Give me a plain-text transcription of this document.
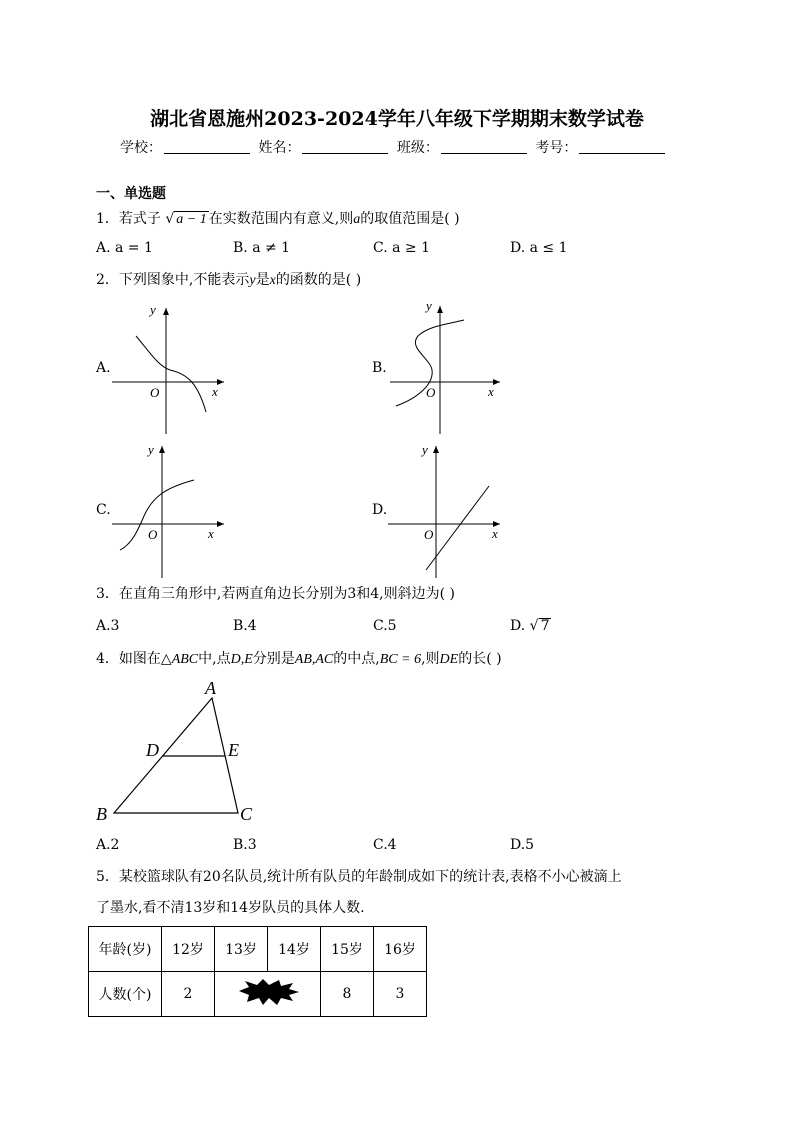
湖北省恩施州2023-2024学年八年级下学期期末数学试卷
学校：	姓名：	班级：	考号：
一、单选题
1．若式子 √ a − 1 在实数范围内有意义,则a的取值范围是( )
A. a = 1	B. a ≠ 1	C. a ≥ 1	D. a ≤ 1
2．下列图象中,不能表示y是x的函数的是( )
A.	B.
C.	D.
y
x
O
y
x
O
y
x
O
y
x
O
3．在直角三角形中,若两直角边长分别为3和4,则斜边为( )
A.3	B.4	C.5	D. √ 7
4．如图在△ABC中,点D,E分别是AB,AC的中点,BC = 6,则DE的长( )
A
B	C
D	E
A.2	B.3	C.4	D.5
5．某校篮球队有20名队员,统计所有队员的年龄制成如下的统计表,表格不小心被滴上
了墨水,看不清13岁和14岁队员的具体人数.
年龄(岁)	12岁	13岁	14岁	15岁	16岁
人数(个)	2			8	3
